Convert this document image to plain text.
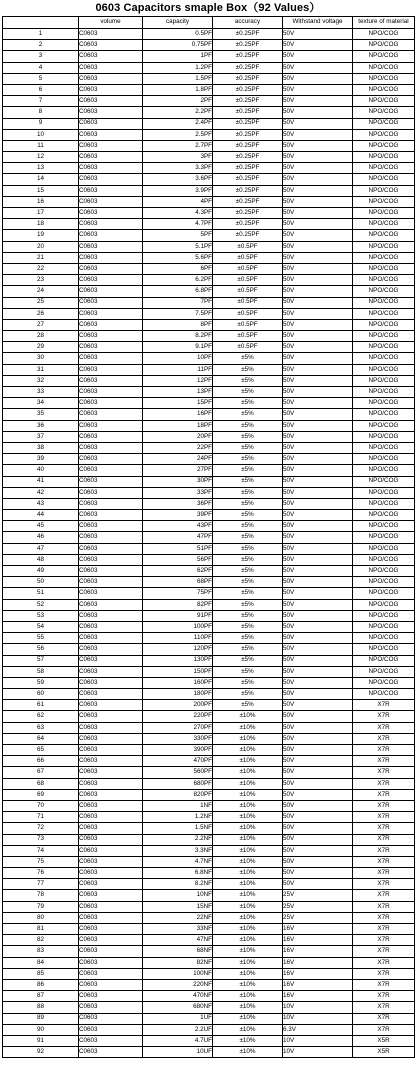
0603 Capacitors smaple Box（92 Values）
	volume	capacity	accuracy	Withstand voltage	texture of material
1	C0603	0.5PF	±0.25PF	50V	NPO/COG
2	C0603	0.75PF	±0.25PF	50V	NPO/COG
3	C0603	1PF	±0.25PF	50V	NPO/COG
4	C0603	1.2PF	±0.25PF	50V	NPO/COG
5	C0603	1.5PF	±0.25PF	50V	NPO/COG
6	C0603	1.8PF	±0.25PF	50V	NPO/COG
7	C0603	2PF	±0.25PF	50V	NPO/COG
8	C0603	2.2PF	±0.25PF	50V	NPO/COG
9	C0603	2.4PF	±0.25PF	50V	NPO/COG
10	C0603	2.5PF	±0.25PF	50V	NPO/COG
11	C0603	2.7PF	±0.25PF	50V	NPO/COG
12	C0603	3PF	±0.25PF	50V	NPO/COG
13	C0603	3.3PF	±0.25PF	50V	NPO/COG
14	C0603	3.6PF	±0.25PF	50V	NPO/COG
15	C0603	3.9PF	±0.25PF	50V	NPO/COG
16	C0603	4PF	±0.25PF	50V	NPO/COG
17	C0603	4.3PF	±0.25PF	50V	NPO/COG
18	C0603	4.7PF	±0.25PF	50V	NPO/COG
19	C0603	5PF	±0.25PF	50V	NPO/COG
20	C0603	5.1PF	±0.5PF	50V	NPO/COG
21	C0603	5.6PF	±0.5PF	50V	NPO/COG
22	C0603	6PF	±0.5PF	50V	NPO/COG
23	C0603	6.2PF	±0.5PF	50V	NPO/COG
24	C0603	6.8PF	±0.5PF	50V	NPO/COG
25	C0603	7PF	±0.5PF	50V	NPO/COG
26	C0603	7.5PF	±0.5PF	50V	NPO/COG
27	C0603	8PF	±0.5PF	50V	NPO/COG
28	C0603	8.2PF	±0.5PF	50V	NPO/COG
29	C0603	9.1PF	±0.5PF	50V	NPO/COG
30	C0603	10PF	±5%	50V	NPO/COG
31	C0603	11PF	±5%	50V	NPO/COG
32	C0603	12PF	±5%	50V	NPO/COG
33	C0603	13PF	±5%	50V	NPO/COG
34	C0603	15PF	±5%	50V	NPO/COG
35	C0603	16PF	±5%	50V	NPO/COG
36	C0603	18PF	±5%	50V	NPO/COG
37	C0603	20PF	±5%	50V	NPO/COG
38	C0603	22PF	±5%	50V	NPO/COG
39	C0603	24PF	±5%	50V	NPO/COG
40	C0603	27PF	±5%	50V	NPO/COG
41	C0603	30PF	±5%	50V	NPO/COG
42	C0603	33PF	±5%	50V	NPO/COG
43	C0603	36PF	±5%	50V	NPO/COG
44	C0603	39PF	±5%	50V	NPO/COG
45	C0603	43PF	±5%	50V	NPO/COG
46	C0603	47PF	±5%	50V	NPO/COG
47	C0603	51PF	±5%	50V	NPO/COG
48	C0603	56PF	±5%	50V	NPO/COG
49	C0603	62PF	±5%	50V	NPO/COG
50	C0603	68PF	±5%	50V	NPO/COG
51	C0603	75PF	±5%	50V	NPO/COG
52	C0603	82PF	±5%	50V	NPO/COG
53	C0603	91PF	±5%	50V	NPO/COG
54	C0603	100PF	±5%	50V	NPO/COG
55	C0603	110PF	±5%	50V	NPO/COG
56	C0603	120PF	±5%	50V	NPO/COG
57	C0603	130PF	±5%	50V	NPO/COG
58	C0603	150PF	±5%	50V	NPO/COG
59	C0603	160PF	±5%	50V	NPO/COG
60	C0603	180PF	±5%	50V	NPO/COG
61	C0603	200PF	±5%	50V	X7R
62	C0603	220PF	±10%	50V	X7R
63	C0603	270PF	±10%	50V	X7R
64	C0603	330PF	±10%	50V	X7R
65	C0603	390PF	±10%	50V	X7R
66	C0603	470PF	±10%	50V	X7R
67	C0603	560PF	±10%	50V	X7R
68	C0603	680PF	±10%	50V	X7R
69	C0603	820PF	±10%	50V	X7R
70	C0603	1NF	±10%	50V	X7R
71	C0603	1.2NF	±10%	50V	X7R
72	C0603	1.5NF	±10%	50V	X7R
73	C0603	2.2NF	±10%	50V	X7R
74	C0603	3.3NF	±10%	50V	X7R
75	C0603	4.7NF	±10%	50V	X7R
76	C0603	6.8NF	±10%	50V	X7R
77	C0603	8.2NF	±10%	50V	X7R
78	C0603	10NF	±10%	25V	X7R
79	C0603	15NF	±10%	25V	X7R
80	C0603	22NF	±10%	25V	X7R
81	C0603	33NF	±10%	16V	X7R
82	C0603	47NF	±10%	16V	X7R
83	C0603	68NF	±10%	16V	X7R
84	C0603	82NF	±10%	16V	X7R
85	C0603	100NF	±10%	16V	X7R
86	C0603	220NF	±10%	16V	X7R
87	C0603	470NF	±10%	16V	X7R
88	C0603	680NF	±10%	10V	X7R
89	C0603	1UF	±10%	10V	X7R
90	C0603	2.2UF	±10%	6.3V	X7R
91	C0603	4.7UF	±10%	10V	X5R
92	C0603	10UF	±10%	10V	X5R
